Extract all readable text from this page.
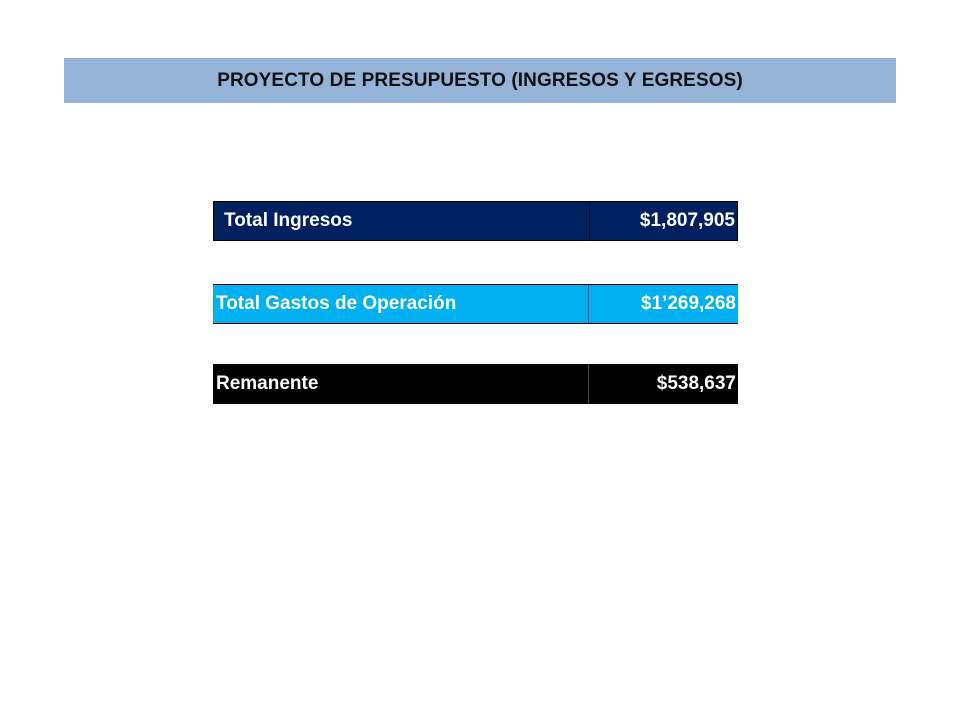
PROYECTO DE PRESUPUESTO (INGRESOS Y EGRESOS)
Total Ingresos	$1,807,905
Total Gastos de Operación	$1’269,268
Remanente	$538,637
